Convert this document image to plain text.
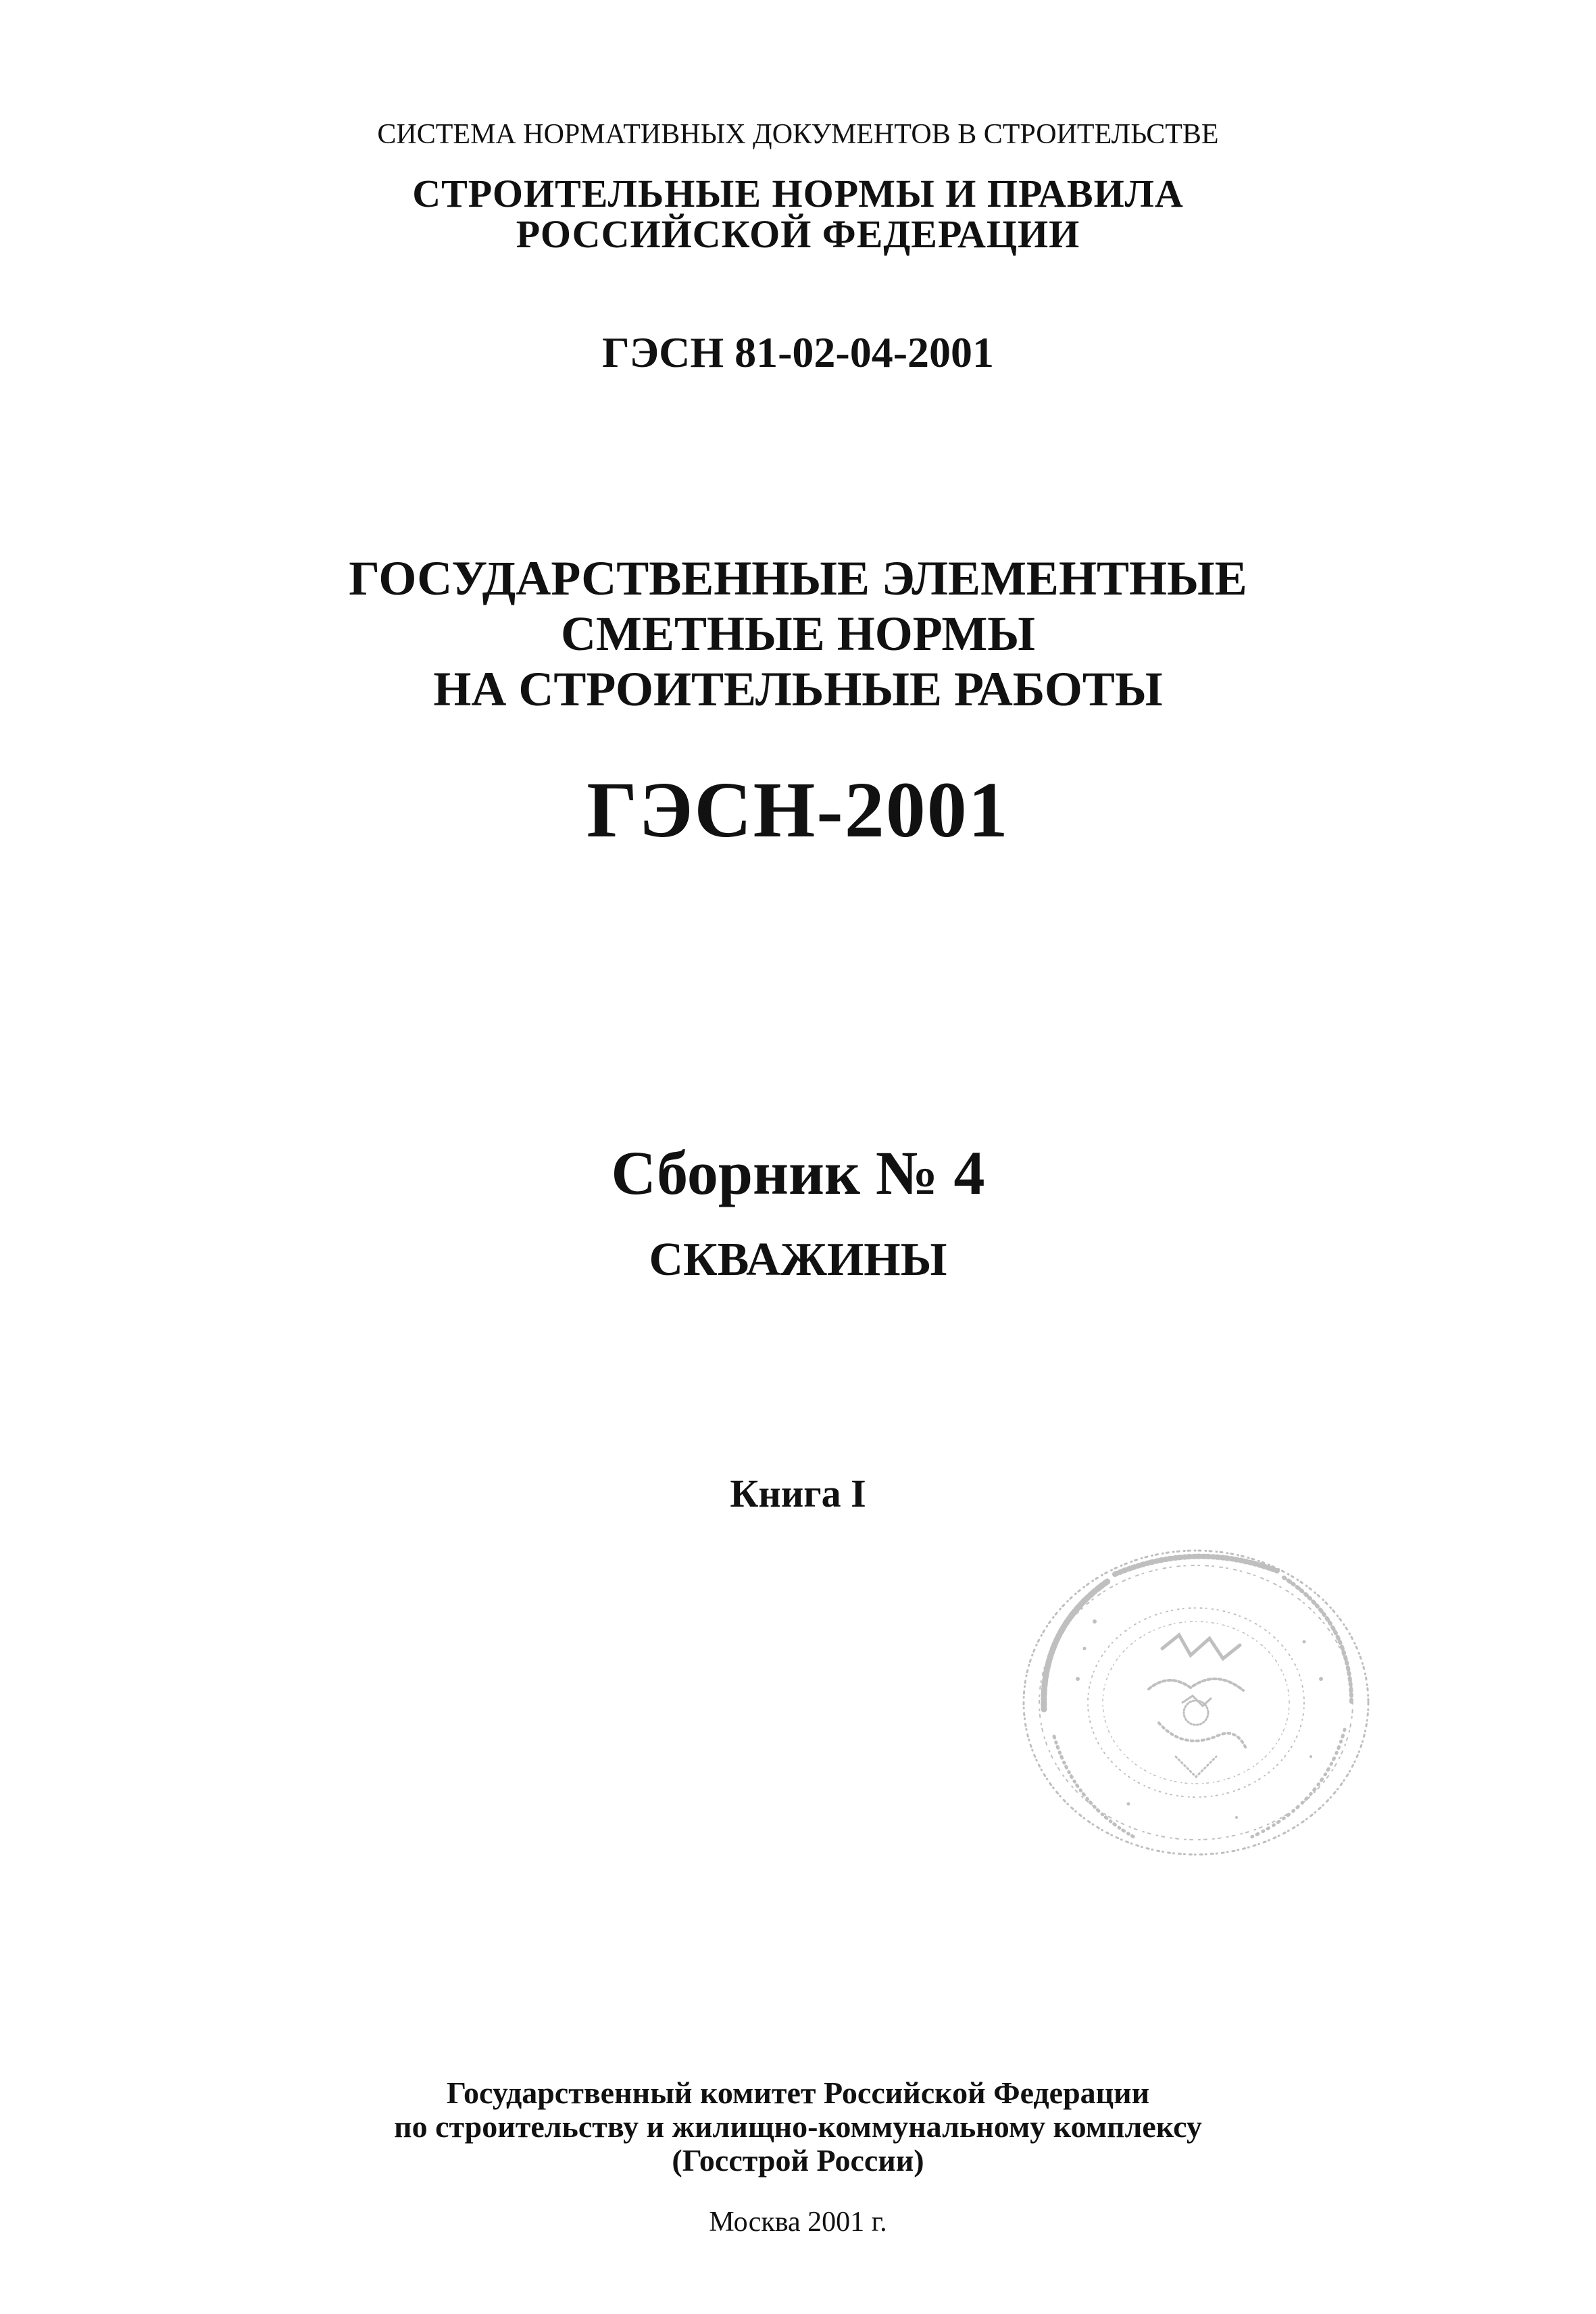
СИСТЕМА НОРМАТИВНЫХ ДОКУМЕНТОВ В СТРОИТЕЛЬСТВЕ
СТРОИТЕЛЬНЫЕ НОРМЫ И ПРАВИЛА
РОССИЙСКОЙ ФЕДЕРАЦИИ
ГЭСН 81-02-04-2001
ГОСУДАРСТВЕННЫЕ ЭЛЕМЕНТНЫЕ
СМЕТНЫЕ НОРМЫ
НА СТРОИТЕЛЬНЫЕ РАБОТЫ
ГЭСН-2001
Сборник № 4
СКВАЖИНЫ
Книга I
Государственный комитет Российской Федерации
по строительству и жилищно-коммунальному комплексу
(Госстрой России)
Москва 2001 г.
